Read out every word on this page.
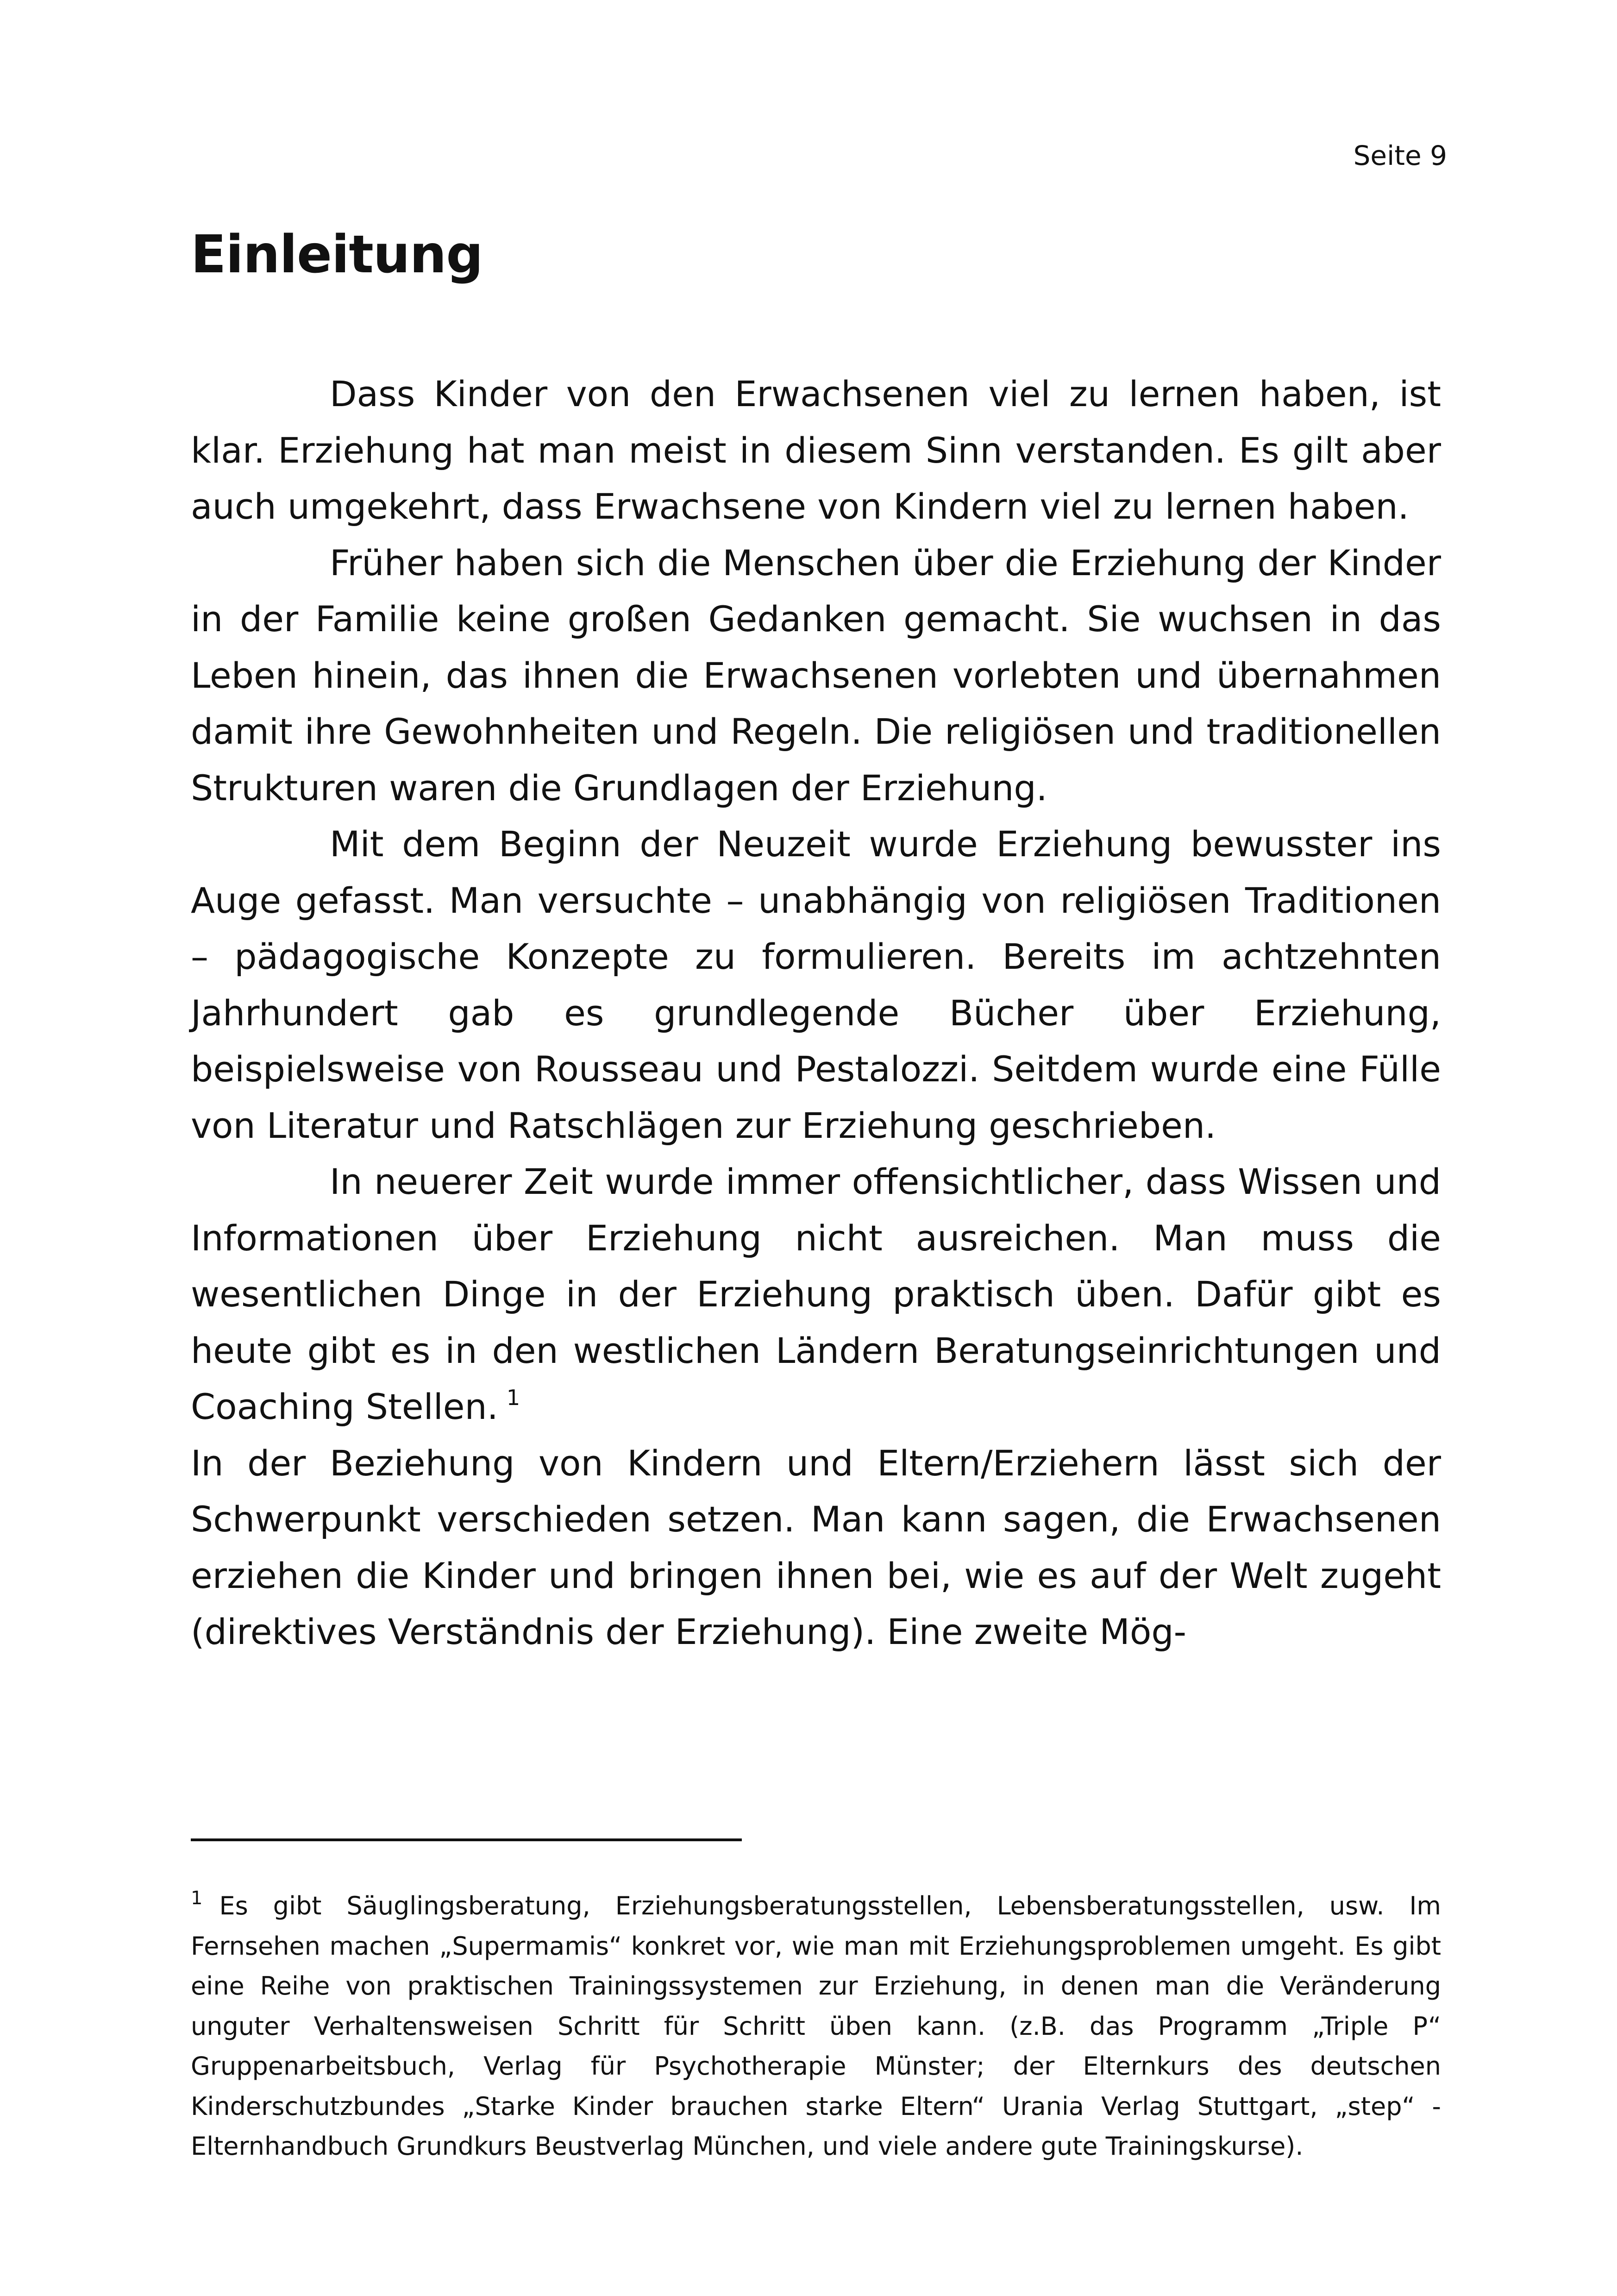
Seite 9
Einleitung

Dass Kinder von den Erwachsenen viel zu lernen haben, ist klar. Erziehung hat man meist in diesem Sinn verstanden. Es gilt aber auch umgekehrt, dass Erwachsene von Kindern viel zu lernen haben.

Früher haben sich die Menschen über die Erziehung der Kinder in der Familie keine großen Gedanken gemacht. Sie wuchsen in das Leben hinein, das ihnen die Erwachsenen vorlebten und übernahmen damit ihre Gewohnheiten und Regeln. Die religiösen und traditionellen Strukturen waren die Grundlagen der Erziehung.

Mit dem Beginn der Neuzeit wurde Erziehung bewusster ins Auge gefasst. Man versuchte – unabhängig von religiösen Traditionen – pädagogische Konzepte zu formulieren. Bereits im achtzehnten Jahrhundert gab es grundlegende Bücher über Erziehung, beispielsweise von Rousseau und Pestalozzi. Seitdem wurde eine Fülle von Literatur und Ratschlägen zur Erziehung geschrieben.

In neuerer Zeit wurde immer offensichtlicher, dass Wissen und Informationen über Erziehung nicht ausreichen. Man muss die wesentlichen Dinge in der Erziehung praktisch üben. Dafür gibt es heute gibt es in den westlichen Ländern Beratungseinrichtungen und Coaching Stellen. $^1$

In der Beziehung von Kindern und Eltern/Erziehern lässt sich der Schwerpunkt verschieden setzen. Man kann sagen, die Erwachsenen erziehen die Kinder und bringen ihnen bei, wie es auf der Welt zugeht (direktives Verständnis der Erziehung). Eine zweite Mög-

$^1$ Es gibt Säuglingsberatung, Erziehungsberatungsstellen, Lebensberatungsstellen, usw. Im Fernsehen machen „Supermamis“ konkret vor, wie man mit Erziehungsproblemen umgeht. Es gibt eine Reihe von praktischen Trainingssystemen zur Erziehung, in denen man die Veränderung unguter Verhaltensweisen Schritt für Schritt üben kann. (z.B. das Programm „Triple P“ Gruppenarbeitsbuch, Verlag für Psychotherapie Münster; der Elternkurs des deutschen Kinderschutzbundes „Starke Kinder brauchen starke Eltern“ Urania Verlag Stuttgart, „step“ - Elternhandbuch Grundkurs Beustverlag München, und viele andere gute Trainingskurse).
